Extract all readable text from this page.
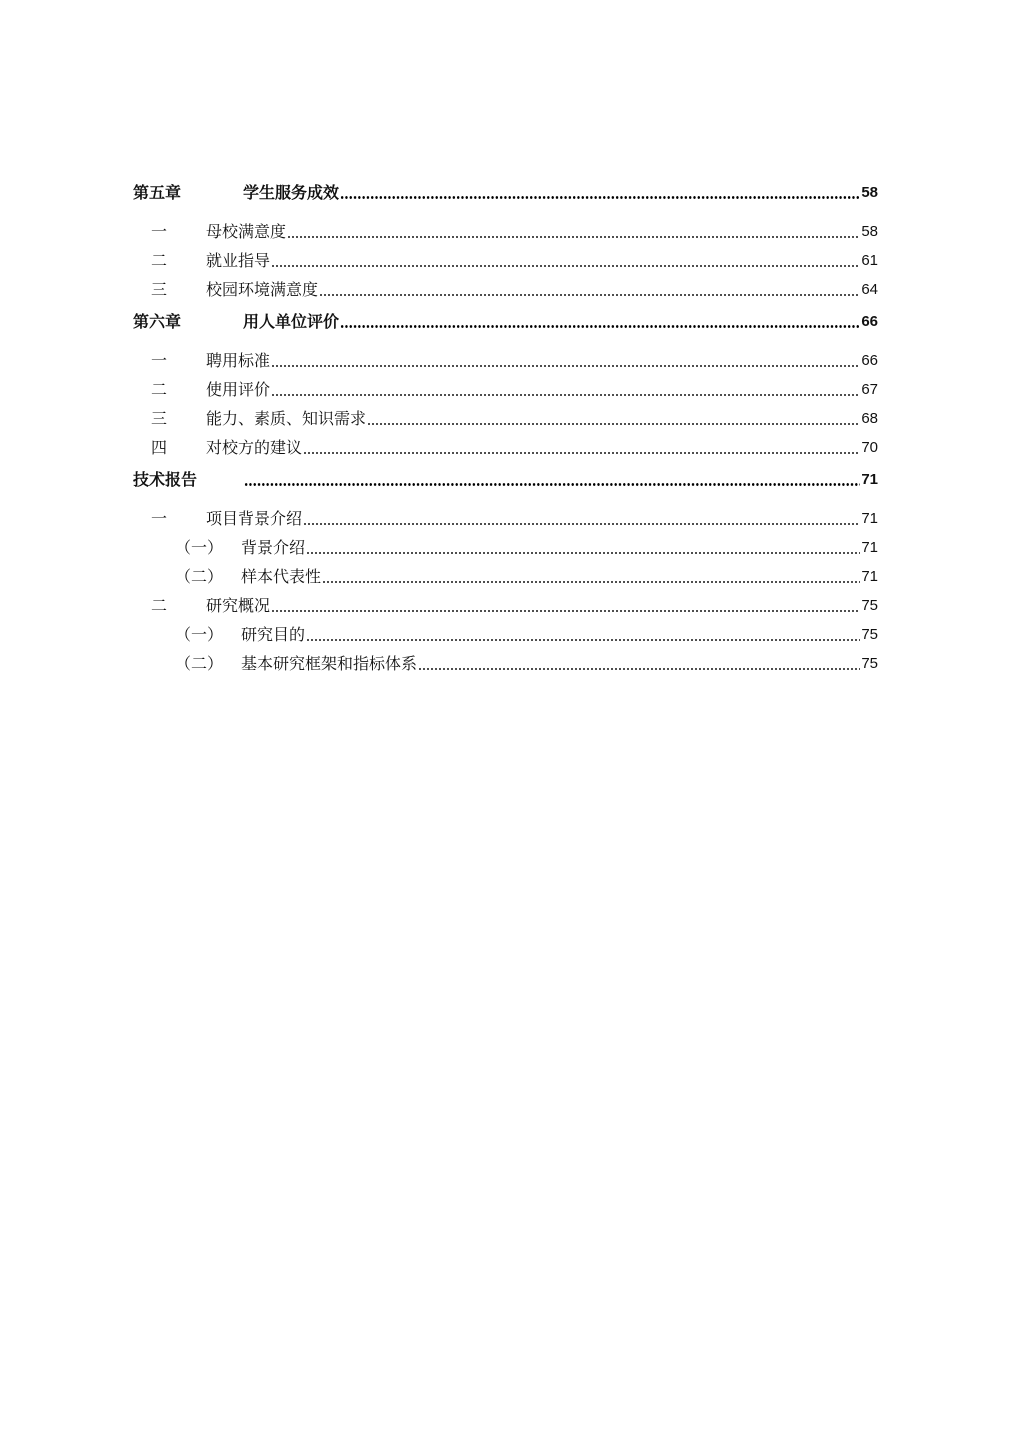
第五章	学生服务成效	58
一	母校满意度	58
二	就业指导	61
三	校园环境满意度	64
第六章	用人单位评价	66
一	聘用标准	66
二	使用评价	67
三	能力、素质、知识需求	68
四	对校方的建议	70
技术报告	71
一	项目背景介绍	71
（一）	背景介绍	71
（二）	样本代表性	71
二	研究概况	75
（一）	研究目的	75
（二）	基本研究框架和指标体系	75
